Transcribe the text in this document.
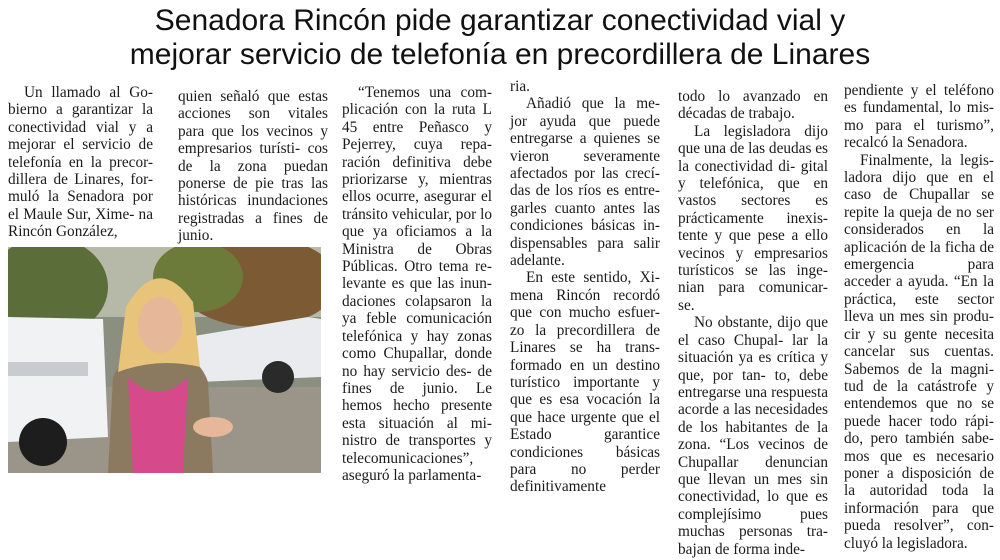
Senadora Rincón pide garantizar conectividad vial y
mejorar servicio de telefonía en precordillera de Linares

Un llamado al Go- bierno a garantizar la conectividad vial y a mejorar el servicio de telefonía en la precor- dillera de Linares, for- muló la Senadora por el Maule Sur, Xime- na Rincón González,

quien señaló que estas acciones son vitales para que los vecinos y empresarios turísti- cos de la zona puedan ponerse de pie tras las históricas inundaciones registradas a fines de junio.

“Tenemos una com- plicación con la ruta L 45 entre Peñasco y Pejerrey, cuya repa- ración definitiva debe priorizarse y, mientras ellos ocurre, asegurar el tránsito vehicular, por lo que ya oficiamos a la Ministra de Obras Públicas. Otro tema re- levante es que las inun- daciones colapsaron la ya feble comunicación telefónica y hay zonas como Chupallar, donde no hay servicio des- de fines de junio. Le hemos hecho presente esta situación al mi- nistro de transportes y telecomunicaciones”, aseguró la parlamenta-

ria.

Añadió que la me- jor ayuda que puede entregarse a quienes se vieron severamente afectados por las crecí- das de los ríos es entre- garles cuanto antes las condiciones básicas in- dispensables para salir adelante.

En este sentido, Xi- mena Rincón recordó que con mucho esfuer- zo la precordillera de Linares se ha trans- formado en un destino turístico importante y que es esa vocación la que hace urgente que el Estado garantice condiciones básicas para no perder definitivamente

todo lo avanzado en décadas de trabajo.

La legisladora dijo que una de las deudas es la conectividad di- gital y telefónica, que en vastos sectores es prácticamente inexis- tente y que pese a ello vecinos y empresarios turísticos se las inge- nian para comunicar- se.

No obstante, dijo que el caso Chupal- lar la situación ya es crítica y que, por tan- to, debe entregarse una respuesta acorde a las necesidades de los habitantes de la zona. “Los vecinos de Chupallar denuncian que llevan un mes sin conectividad, lo que es complejísimo pues muchas personas tra- bajan de forma inde-

pendiente y el teléfono es fundamental, lo mis- mo para el turismo”, recalcó la Senadora.

Finalmente, la legis- ladora dijo que en el caso de Chupallar se repite la queja de no ser considerados en la aplicación de la ficha de emergencia para acceder a ayuda. “En la práctica, este sector lleva un mes sin produ- cir y su gente necesita cancelar sus cuentas. Sabemos de la magni- tud de la catástrofe y entendemos que no se puede hacer todo rápi- do, pero también sabe- mos que es necesario poner a disposición de la autoridad toda la información para que pueda resolver”, con- cluyó la legisladora.
